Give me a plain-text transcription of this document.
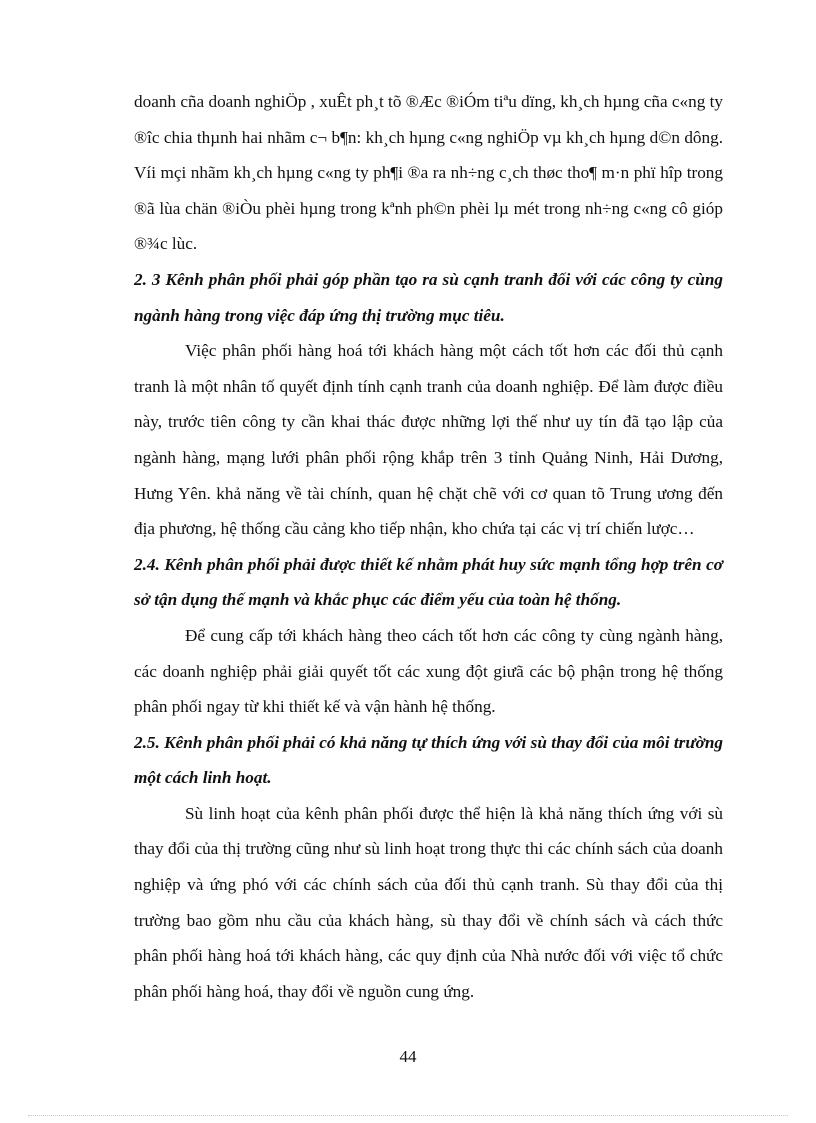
doanh cña doanh nghiÖp , xuÊt ph¸t tõ ®Æc ®iÓm tiªu dïng, kh¸ch hµng cña c«ng ty ®îc chia thµnh hai nhãm c¬ b¶n: kh¸ch hµng c«ng nghiÖp vµ kh¸ch hµng d©n dông. Víi mçi nhãm kh¸ch hµng c«ng ty ph¶i ®a ra nh÷ng c¸ch thøc tho¶ m·n phï hîp trong ®ã lùa chän ®iÒu phèi hµng trong kªnh ph©n phèi lµ mét trong nh÷ng c«ng cô gióp ®¾c lùc.

2. 3 Kênh phân phối phải góp phần tạo ra sù cạnh tranh đối với các công ty cùng ngành hàng trong việc đáp ứng thị trường mục tiêu.

Việc phân phối hàng hoá tới khách hàng một cách tốt hơn các đối thủ cạnh tranh là một nhân tố quyết định tính cạnh tranh của doanh nghiệp. Để làm được điều này, trước tiên công ty cần khai thác được những lợi thế như uy tín đã tạo lập của ngành hàng, mạng lưới phân phối rộng khắp trên 3 tỉnh Quảng Ninh, Hải Dương, Hưng Yên. khả năng về tài chính, quan hệ chặt chẽ với cơ quan tõ Trung ương đến địa phương, hệ thống cầu cảng kho tiếp nhận, kho chứa tại các vị trí chiến lược…

2.4. Kênh phân phối phải được thiết kế nhằm phát huy sức mạnh tổng hợp trên cơ sở tận dụng thế mạnh và khắc phục các điểm yếu của toàn hệ thống.

Để cung cấp tới khách hàng theo cách tốt hơn các công ty cùng ngành hàng, các doanh nghiệp phải giải quyết tốt các xung đột giưã các bộ phận trong hệ thống phân phối ngay từ khi thiết kế và vận hành hệ thống.

2.5. Kênh phân phối phải có khả năng tự thích ứng với sù thay đổi của môi trường một cách linh hoạt.

Sù linh hoạt của kênh phân phối được thể hiện là khả năng thích ứng với sù thay đổi của thị trường cũng như sù linh hoạt trong thực thi các chính sách của doanh nghiệp và ứng phó với các chính sách của đối thủ cạnh tranh. Sù thay đổi của thị trường bao gồm nhu cầu của khách hàng, sù thay đổi về chính sách và cách thức phân phối hàng hoá tới khách hàng, các quy định của Nhà nước đối với việc tổ chức phân phối hàng hoá, thay đổi về nguồn cung ứng.

44
